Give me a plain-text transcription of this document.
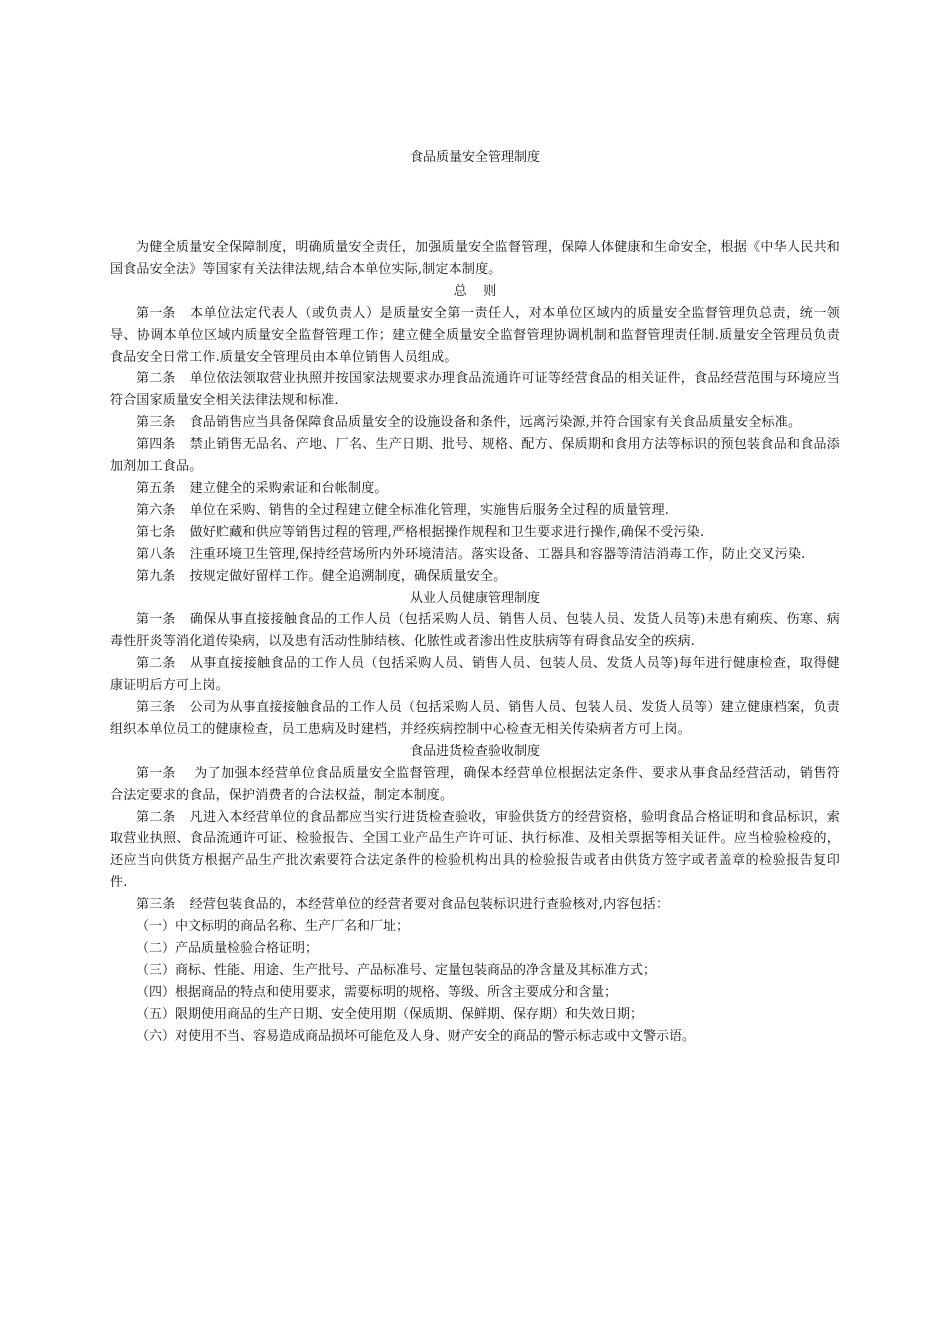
食品质量安全管理制度

为健全质量安全保障制度，明确质量安全责任，加强质量安全监督管理，保障人体健康和生命安全，根据《中华人民共和国食品安全法》等国家有关法律法规,结合本单位实际,制定本制度。

总    则

第一条 本单位法定代表人（或负责人）是质量安全第一责任人，对本单位区域内的质量安全监督管理负总责，统一领导、协调本单位区域内质量安全监督管理工作；建立健全质量安全监督管理协调机制和监督管理责任制.质量安全管理员负责食品安全日常工作.质量安全管理员由本单位销售人员组成。

第二条 单位依法领取营业执照并按国家法规要求办理食品流通许可证等经营食品的相关证件，食品经营范围与环境应当符合国家质量安全相关法律法规和标准.

第三条 食品销售应当具备保障食品质量安全的设施设备和条件，远离污染源,并符合国家有关食品质量安全标准。

第四条 禁止销售无品名、产地、厂名、生产日期、批号、规格、配方、保质期和食用方法等标识的预包装食品和食品添加剂加工食品。

第五条 建立健全的采购索证和台帐制度。

第六条 单位在采购、销售的全过程建立健全标准化管理，实施售后服务全过程的质量管理.

第七条 做好贮藏和供应等销售过程的管理,严格根据操作规程和卫生要求进行操作,确保不受污染.

第八条 注重环境卫生管理,保持经营场所内外环境清洁。落实设备、工器具和容器等清洁消毒工作，防止交叉污染.

第九条 按规定做好留样工作。健全追溯制度，确保质量安全。

从业人员健康管理制度

第一条 确保从事直接接触食品的工作人员（包括采购人员、销售人员、包装人员、发货人员等)未患有痢疾、伤寒、病毒性肝炎等消化道传染病，以及患有活动性肺结核、化脓性或者渗出性皮肤病等有碍食品安全的疾病.

第二条 从事直接接触食品的工作人员（包括采购人员、销售人员、包装人员、发货人员等)每年进行健康检查，取得健康证明后方可上岗。

第三条 公司为从事直接接触食品的工作人员（包括采购人员、销售人员、包装人员、发货人员等）建立健康档案，负责组织本单位员工的健康检查，员工患病及时建档，并经疾病控制中心检查无相关传染病者方可上岗。

食品进货检查验收制度

第一条 为了加强本经营单位食品质量安全监督管理，确保本经营单位根据法定条件、要求从事食品经营活动，销售符合法定要求的食品，保护消费者的合法权益，制定本制度。

第二条 凡进入本经营单位的食品都应当实行进货检查验收，审验供货方的经营资格，验明食品合格证明和食品标识，索取营业执照、食品流通许可证、检验报告、全国工业产品生产许可证、执行标准、及相关票据等相关证件。应当检验检疫的，还应当向供货方根据产品生产批次索要符合法定条件的检验机构出具的检验报告或者由供货方签字或者盖章的检验报告复印件.

第三条 经营包装食品的，本经营单位的经营者要对食品包装标识进行查验核对,内容包括：

（一）中文标明的商品名称、生产厂名和厂址；

（二）产品质量检验合格证明；

（三）商标、性能、用途、生产批号、产品标准号、定量包装商品的净含量及其标准方式；

（四）根据商品的特点和使用要求，需要标明的规格、等级、所含主要成分和含量；

（五）限期使用商品的生产日期、安全使用期（保质期、保鲜期、保存期）和失效日期；

（六）对使用不当、容易造成商品损坏可能危及人身、财产安全的商品的警示标志或中文警示语。
